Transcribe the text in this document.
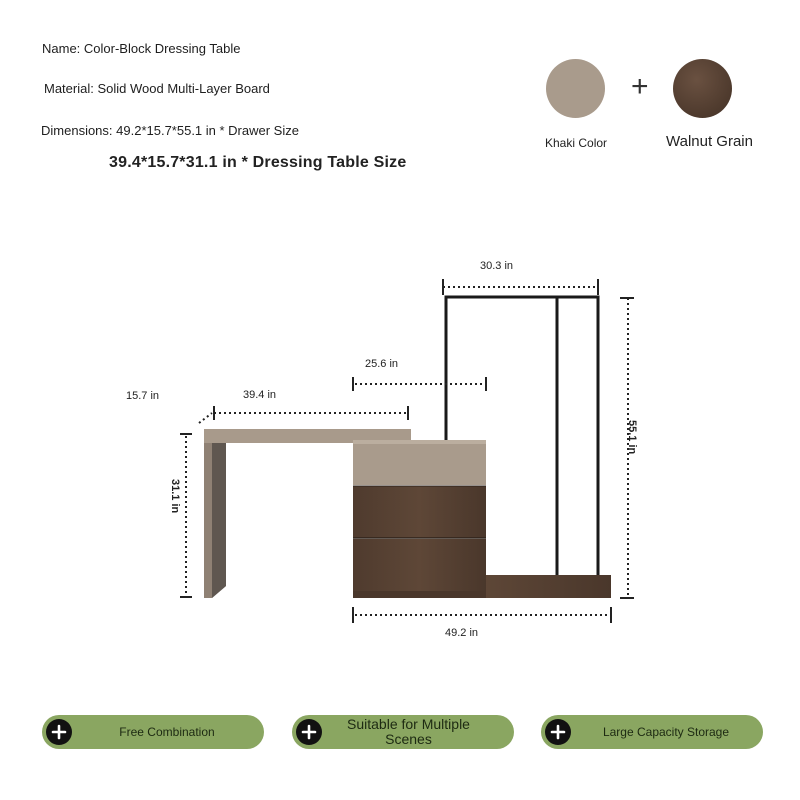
Name: Color-Block Dressing Table
Material: Solid Wood Multi-Layer Board
Dimensions: 49.2*15.7*55.1 in * Drawer Size
39.4*15.7*31.1 in * Dressing Table Size
+
Khaki Color	Walnut Grain
30.3 in
55.1 in
25.6 in
15.7 in	39.4 in
31.1 in
49.2 in
Free Combination	Suitable for Multiple Scenes	Large Capacity Storage
